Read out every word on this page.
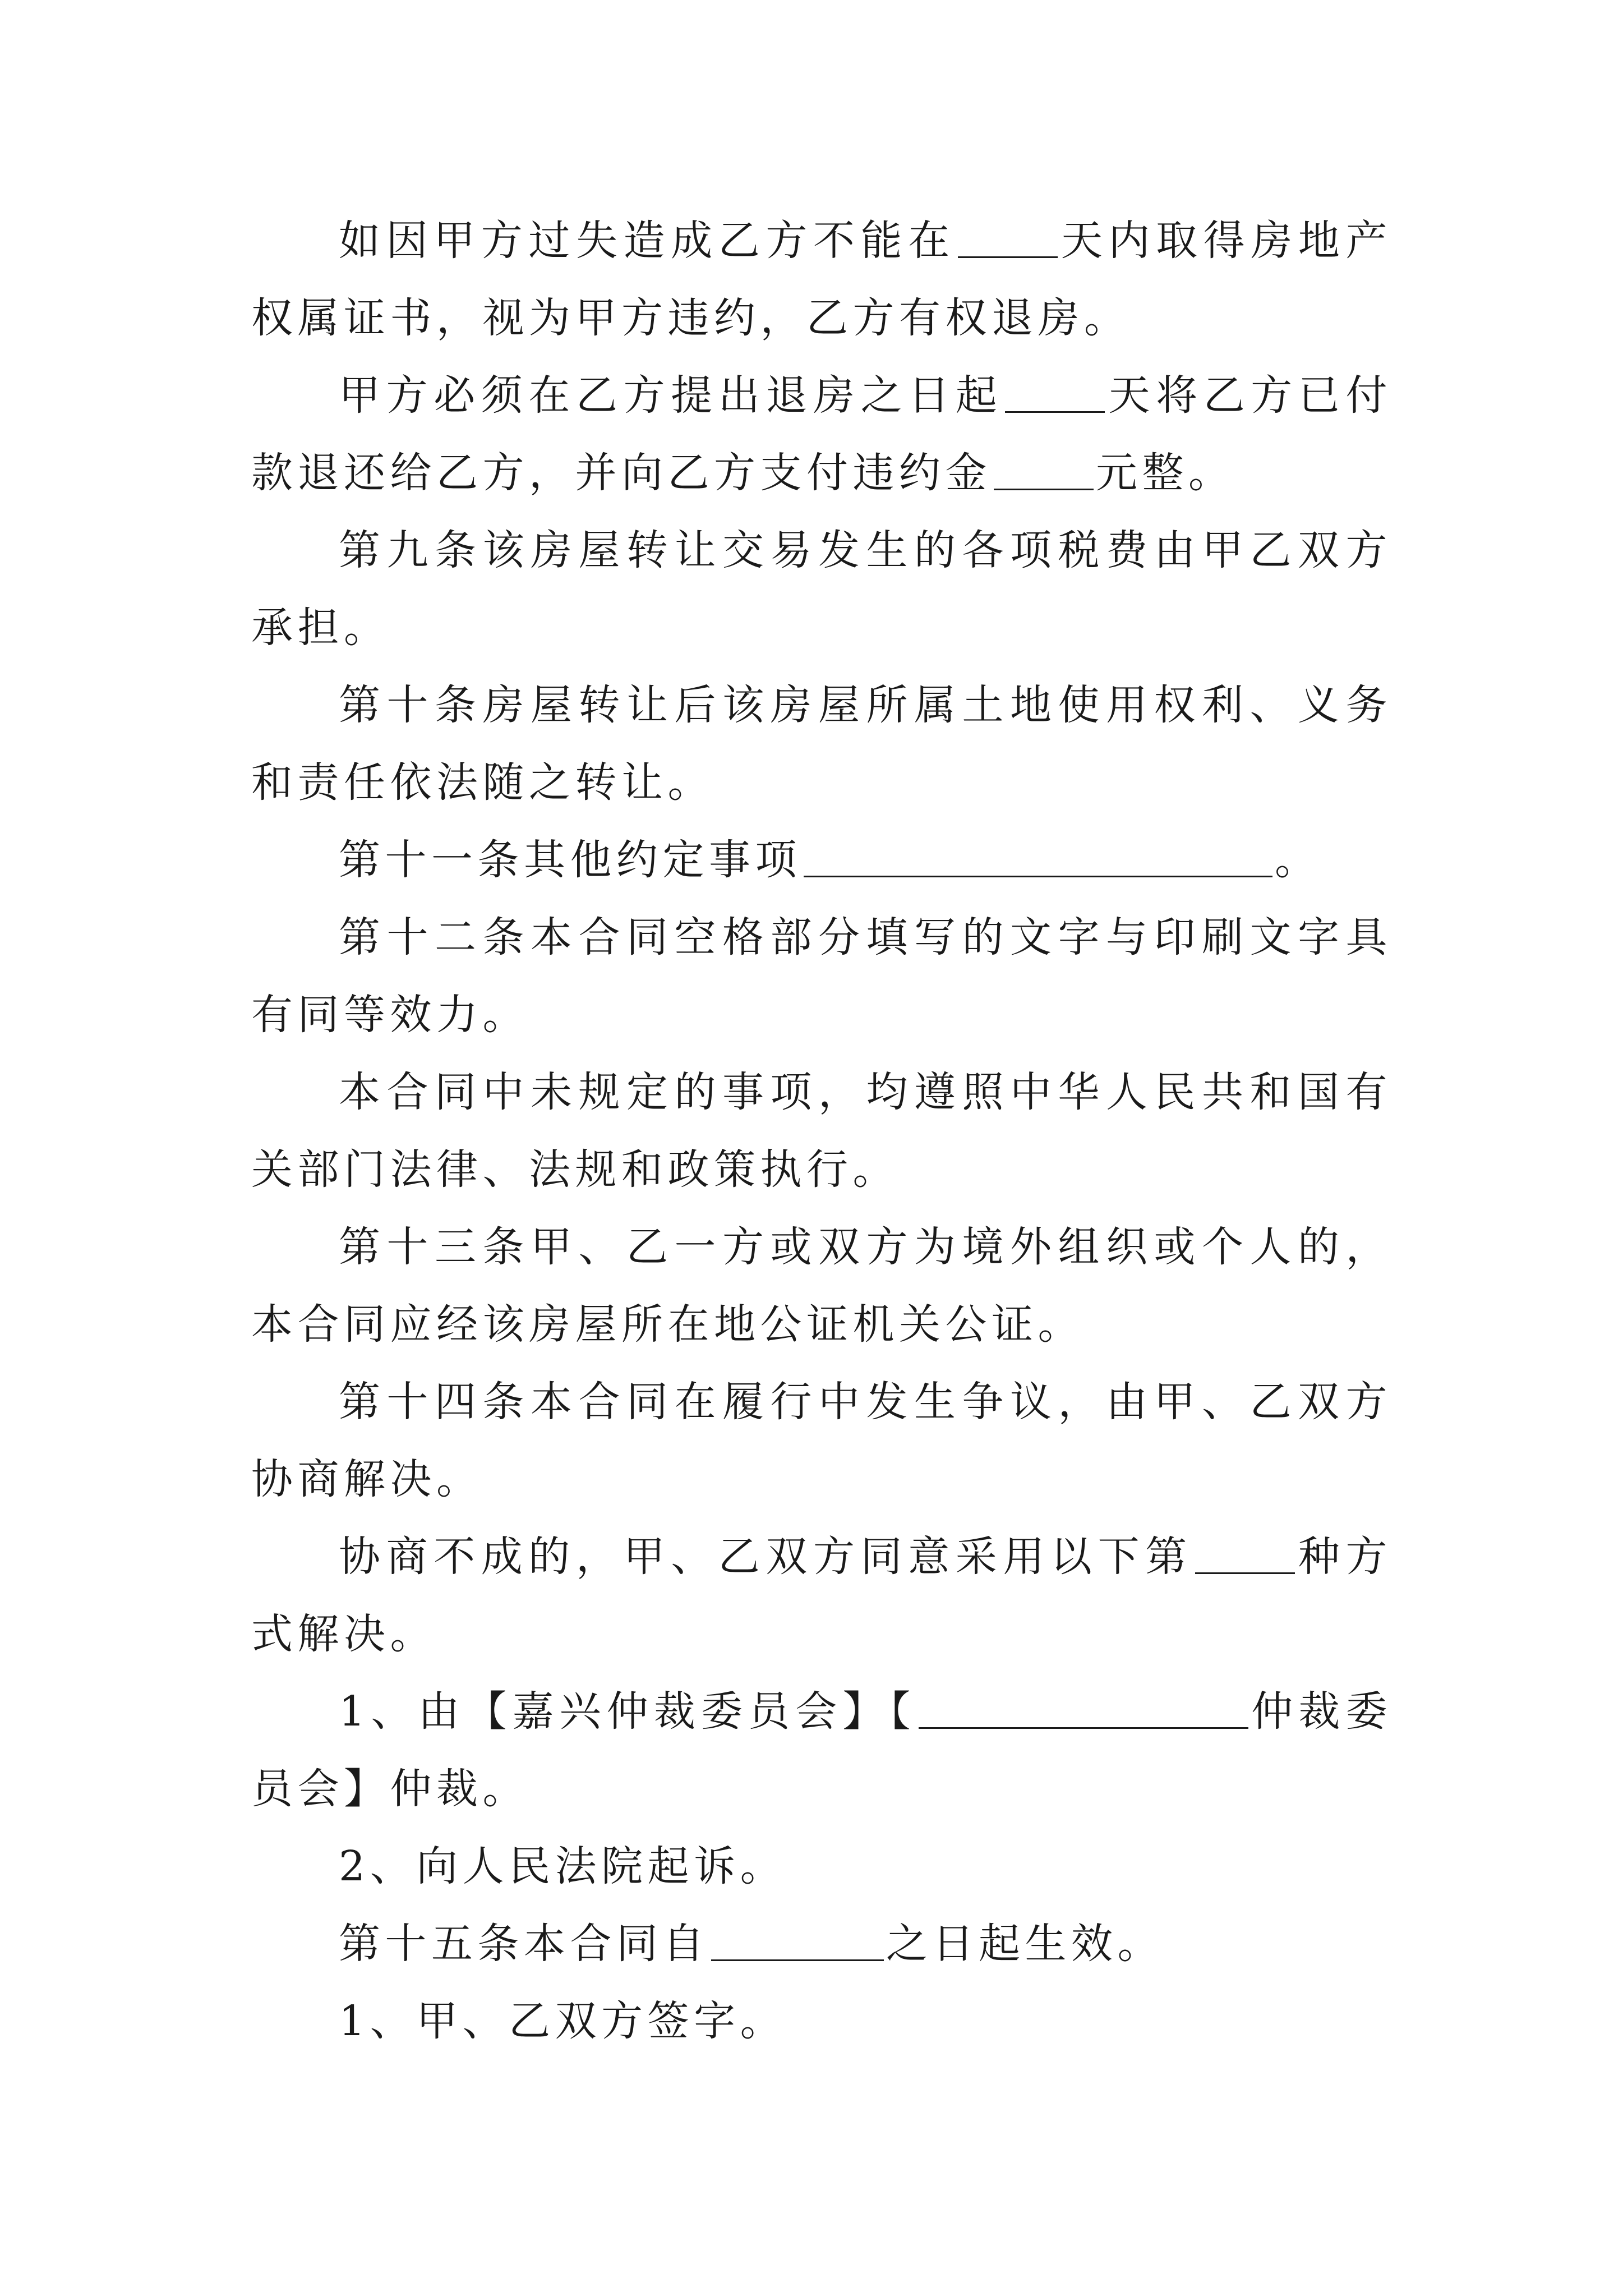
如因甲方过失造成乙方不能在	天内取得房地产权属证书，视为甲方违约，乙方有权退房。

甲方必须在乙方提出退房之日起	天将乙方已付款退还给乙方，并向乙方支付违约金	元整。

第九条该房屋转让交易发生的各项税费由甲乙双方承担。

第十条房屋转让后该房屋所属土地使用权利、义务和责任依法随之转让。

第十一条其他约定事项	。

第十二条本合同空格部分填写的文字与印刷文字具有同等效力。

本合同中未规定的事项，均遵照中华人民共和国有关部门法律、法规和政策执行。

第十三条甲、乙一方或双方为境外组织或个人的，本合同应经该房屋所在地公证机关公证。

第十四条本合同在履行中发生争议，由甲、乙双方协商解决。

协商不成的，甲、乙双方同意采用以下第	种方式解决。

1、由【嘉兴仲裁委员会】【	仲裁委员会】仲裁。

2、向人民法院起诉。

第十五条本合同自	之日起生效。

1、甲、乙双方签字。
